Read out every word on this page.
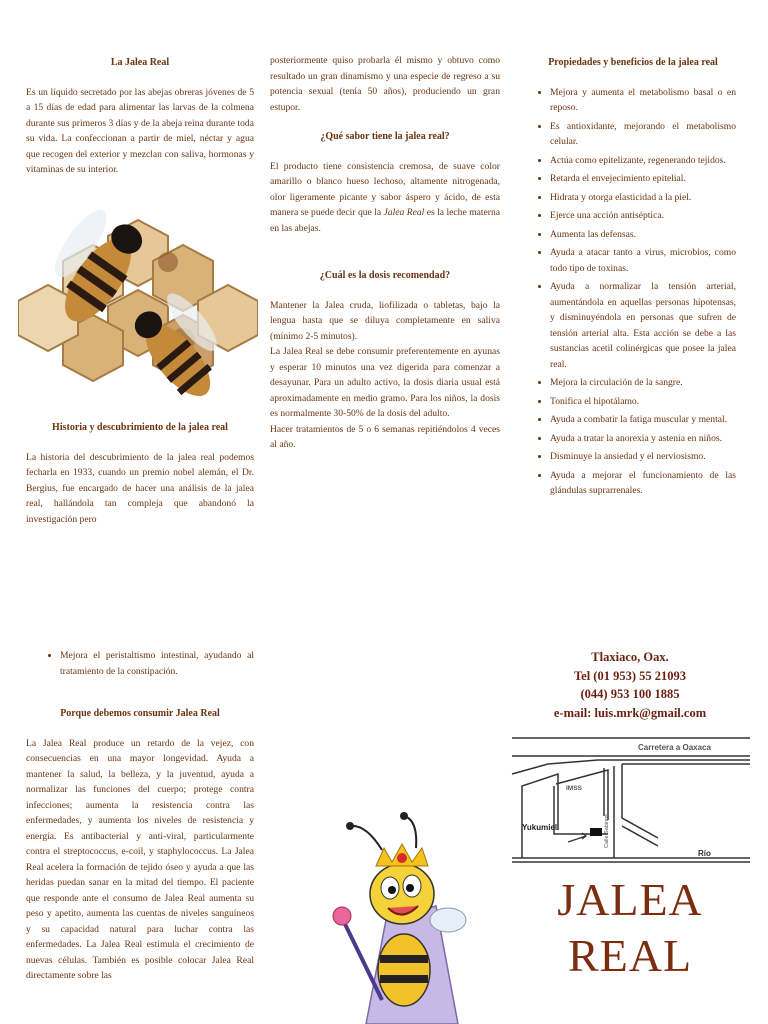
La Jalea Real

Es un líquido secretado por las abejas obreras jóvenes de 5 a 15 días de edad para alimentar las larvas de la colmena durante sus primeros 3 días y de la abeja reina durante toda su vida. La confeccionan a partir de miel, néctar y agua que recogen del exterior y mezclan con saliva, hormonas y vitaminas de su interior.

Historia y descubrimiento de la jalea real

La historia del descubrimiento de la jalea real podemos fecharla en 1933, cuando un premio nobel alemán, el Dr. Bergius, fue encargado de hacer una análisis de la jalea real, hallándola tan compleja que abandonó la investigación pero

posteriormente quiso probarla él mismo y obtuvo como resultado un gran dinamismo y una especie de regreso a su potencia sexual (tenía 50 años), produciendo un gran estupor.

¿Qué sabor tiene la jalea real?

El producto tiene consistencia cremosa, de suave color amarillo o blanco hueso lechoso, altamente nitrogenada, olor ligeramente picante y sabor áspero y ácido, de esta manera se puede decir que la Jalea Real es la leche materna en las abejas.

¿Cuál es la dosis recomendad?

Mantener la Jalea cruda, liofilizada o tabletas, bajo la lengua hasta que se diluya completamente en saliva (mínimo 2-5 minutos).

La Jalea Real se debe consumir preferentemente en ayunas y esperar 10 minutos una vez digerida para comenzar a desayunar. Para un adulto activo, la dosis diaria usual está aproximadamente en medio gramo. Para los niños, la dosis es normalmente 30-50% de la dosis del adulto.

Hacer tratamientos de 5 o 6 semanas repitiéndolos 4 veces al año.

Propiedades y beneficios de la jalea real
• Mejora y aumenta el metabolismo basal o en reposo.
• Es antioxidante, mejorando el metabolismo celular.
• Actúa como epitelizante, regenerando tejidos.
• Retarda el envejecimiento epitelial.
• Hidrata y otorga elasticidad a la piel.
• Ejerce una acción antiséptica.
• Aumenta las defensas.
• Ayuda a atacar tanto a virus, microbios, como todo tipo de toxinas.
• Ayuda a normalizar la tensión arterial, aumentándola en aquellas personas hipotensas, y disminuyéndola en personas que sufren de tensión arterial alta. Esta acción se debe a las sustancias acetil colinérgicas que posee la jalea real.
• Mejora la circulación de la sangre.
• Tonifica el hipotálamo.
• Ayuda a combatir la fatiga muscular y mental.
• Ayuda a tratar la anorexia y astenia en niños.
• Disminuye la ansiedad y el nerviosismo.
• Ayuda a mejorar el funcionamiento de las glándulas suprarrenales.
• Mejora el peristaltismo intestinal, ayudando al tratamiento de la constipación.
Porque debemos consumir Jalea Real

La Jalea Real produce un retardo de la vejez, con consecuencias en una mayor longevidad. Ayuda a mantener la salud, la belleza, y la juventud, ayuda a normalizar las funciones del cuerpo; protege contra infecciones; aumenta la resistencia contra las enfermedades, y aumenta los niveles de resistencia y energía. Es antibacterial y anti-viral, particularmente contra el streptococcus, e-coil, y staphylococcus. La Jalea Real acelera la formación de tejido óseo y ayuda a que las heridas puedan sanar en la mitad del tiempo. El paciente que responde ante el consumo de Jalea Real aumenta su peso y apetito, aumenta las cuentas de niveles sanguíneos y su capacidad natural para luchar contra las enfermedades. La Jalea Real estimula el crecimiento de nuevas células. También es posible colocar Jalea Real directamente sobre las

Tlaxiaco, Oax.
Tel (01 953) 55 21093
(044) 953 100 1885
e-mail: luis.mrk@gmail.com
Carretera a Oaxaca
IMSS
Yukumiel	Calle Sabinos
Río
JALEA
REAL
